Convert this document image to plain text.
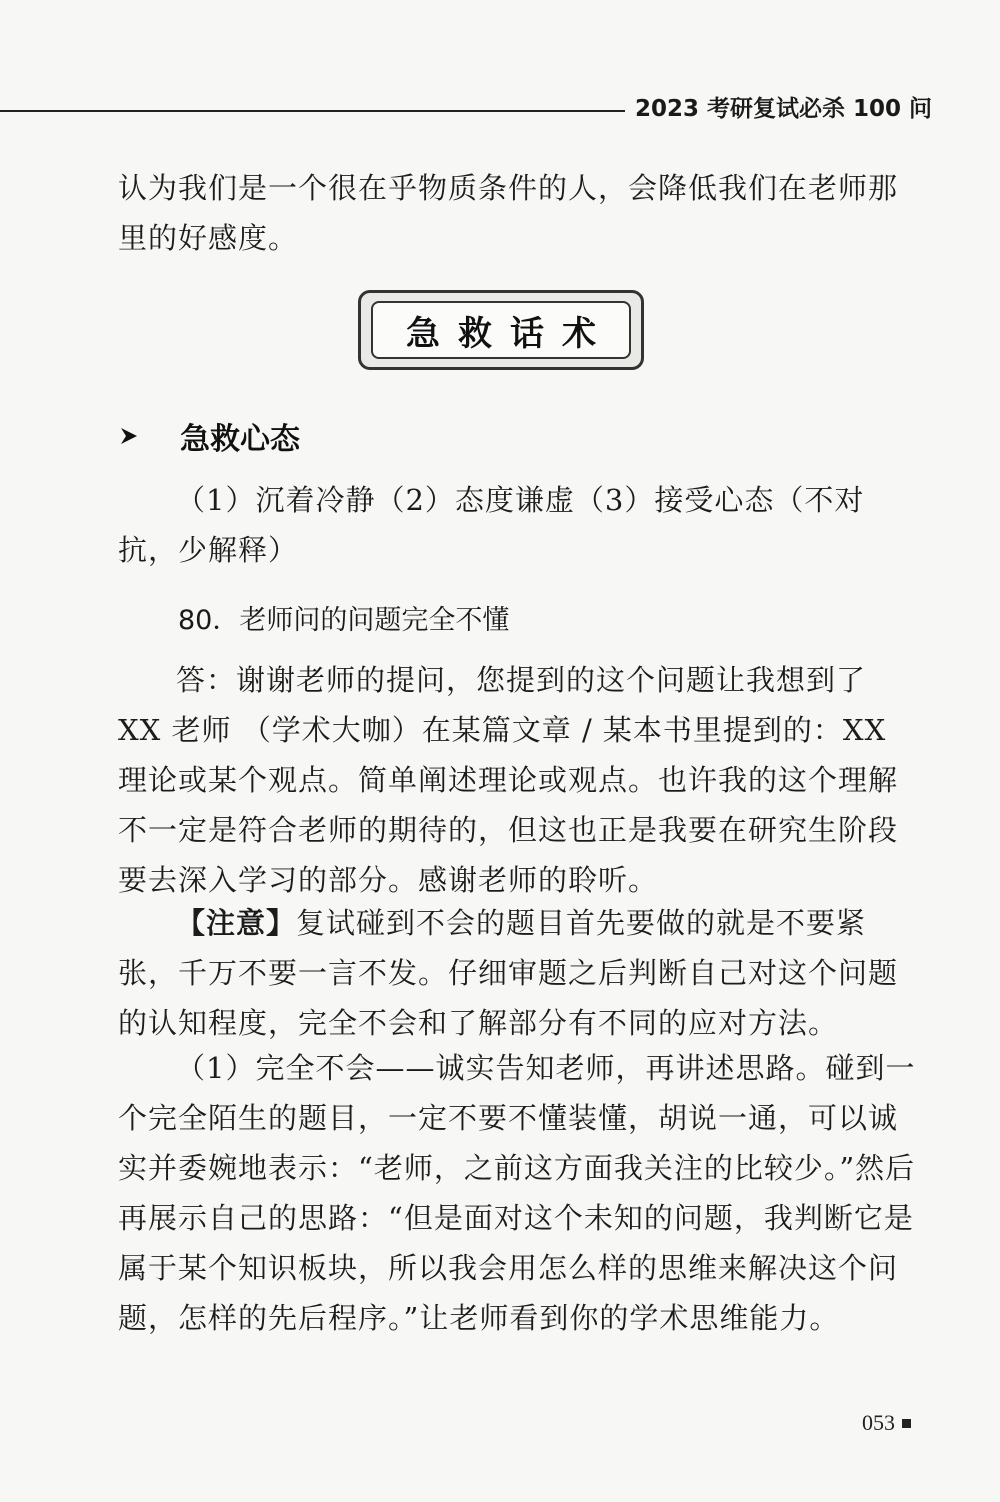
2023 考研复试必杀 100 问
认为我们是一个很在乎物质条件的人，会降低我们在老师那里的好感度。
急救话术
急救心态
（1）沉着冷静（2）态度谦虚（3）接受心态（不对抗，少解释）
80．老师问的问题完全不懂
答：谢谢老师的提问，您提到的这个问题让我想到了 XX 老师 （学术大咖）在某篇文章 / 某本书里提到的：XX 理论或某个观点。简单阐述理论或观点。也许我的这个理解不一定是符合老师的期待的，但这也正是我要在研究生阶段要去深入学习的部分。感谢老师的聆听。
【注意】复试碰到不会的题目首先要做的就是不要紧张，千万不要一言不发。仔细审题之后判断自己对这个问题的认知程度，完全不会和了解部分有不同的应对方法。
（1）完全不会——诚实告知老师，再讲述思路。碰到一个完全陌生的题目，一定不要不懂装懂，胡说一通，可以诚实并委婉地表示：“老师，之前这方面我关注的比较少。”然后再展示自己的思路：“但是面对这个未知的问题，我判断它是属于某个知识板块，所以我会用怎么样的思维来解决这个问题，怎样的先后程序。”让老师看到你的学术思维能力。
053
